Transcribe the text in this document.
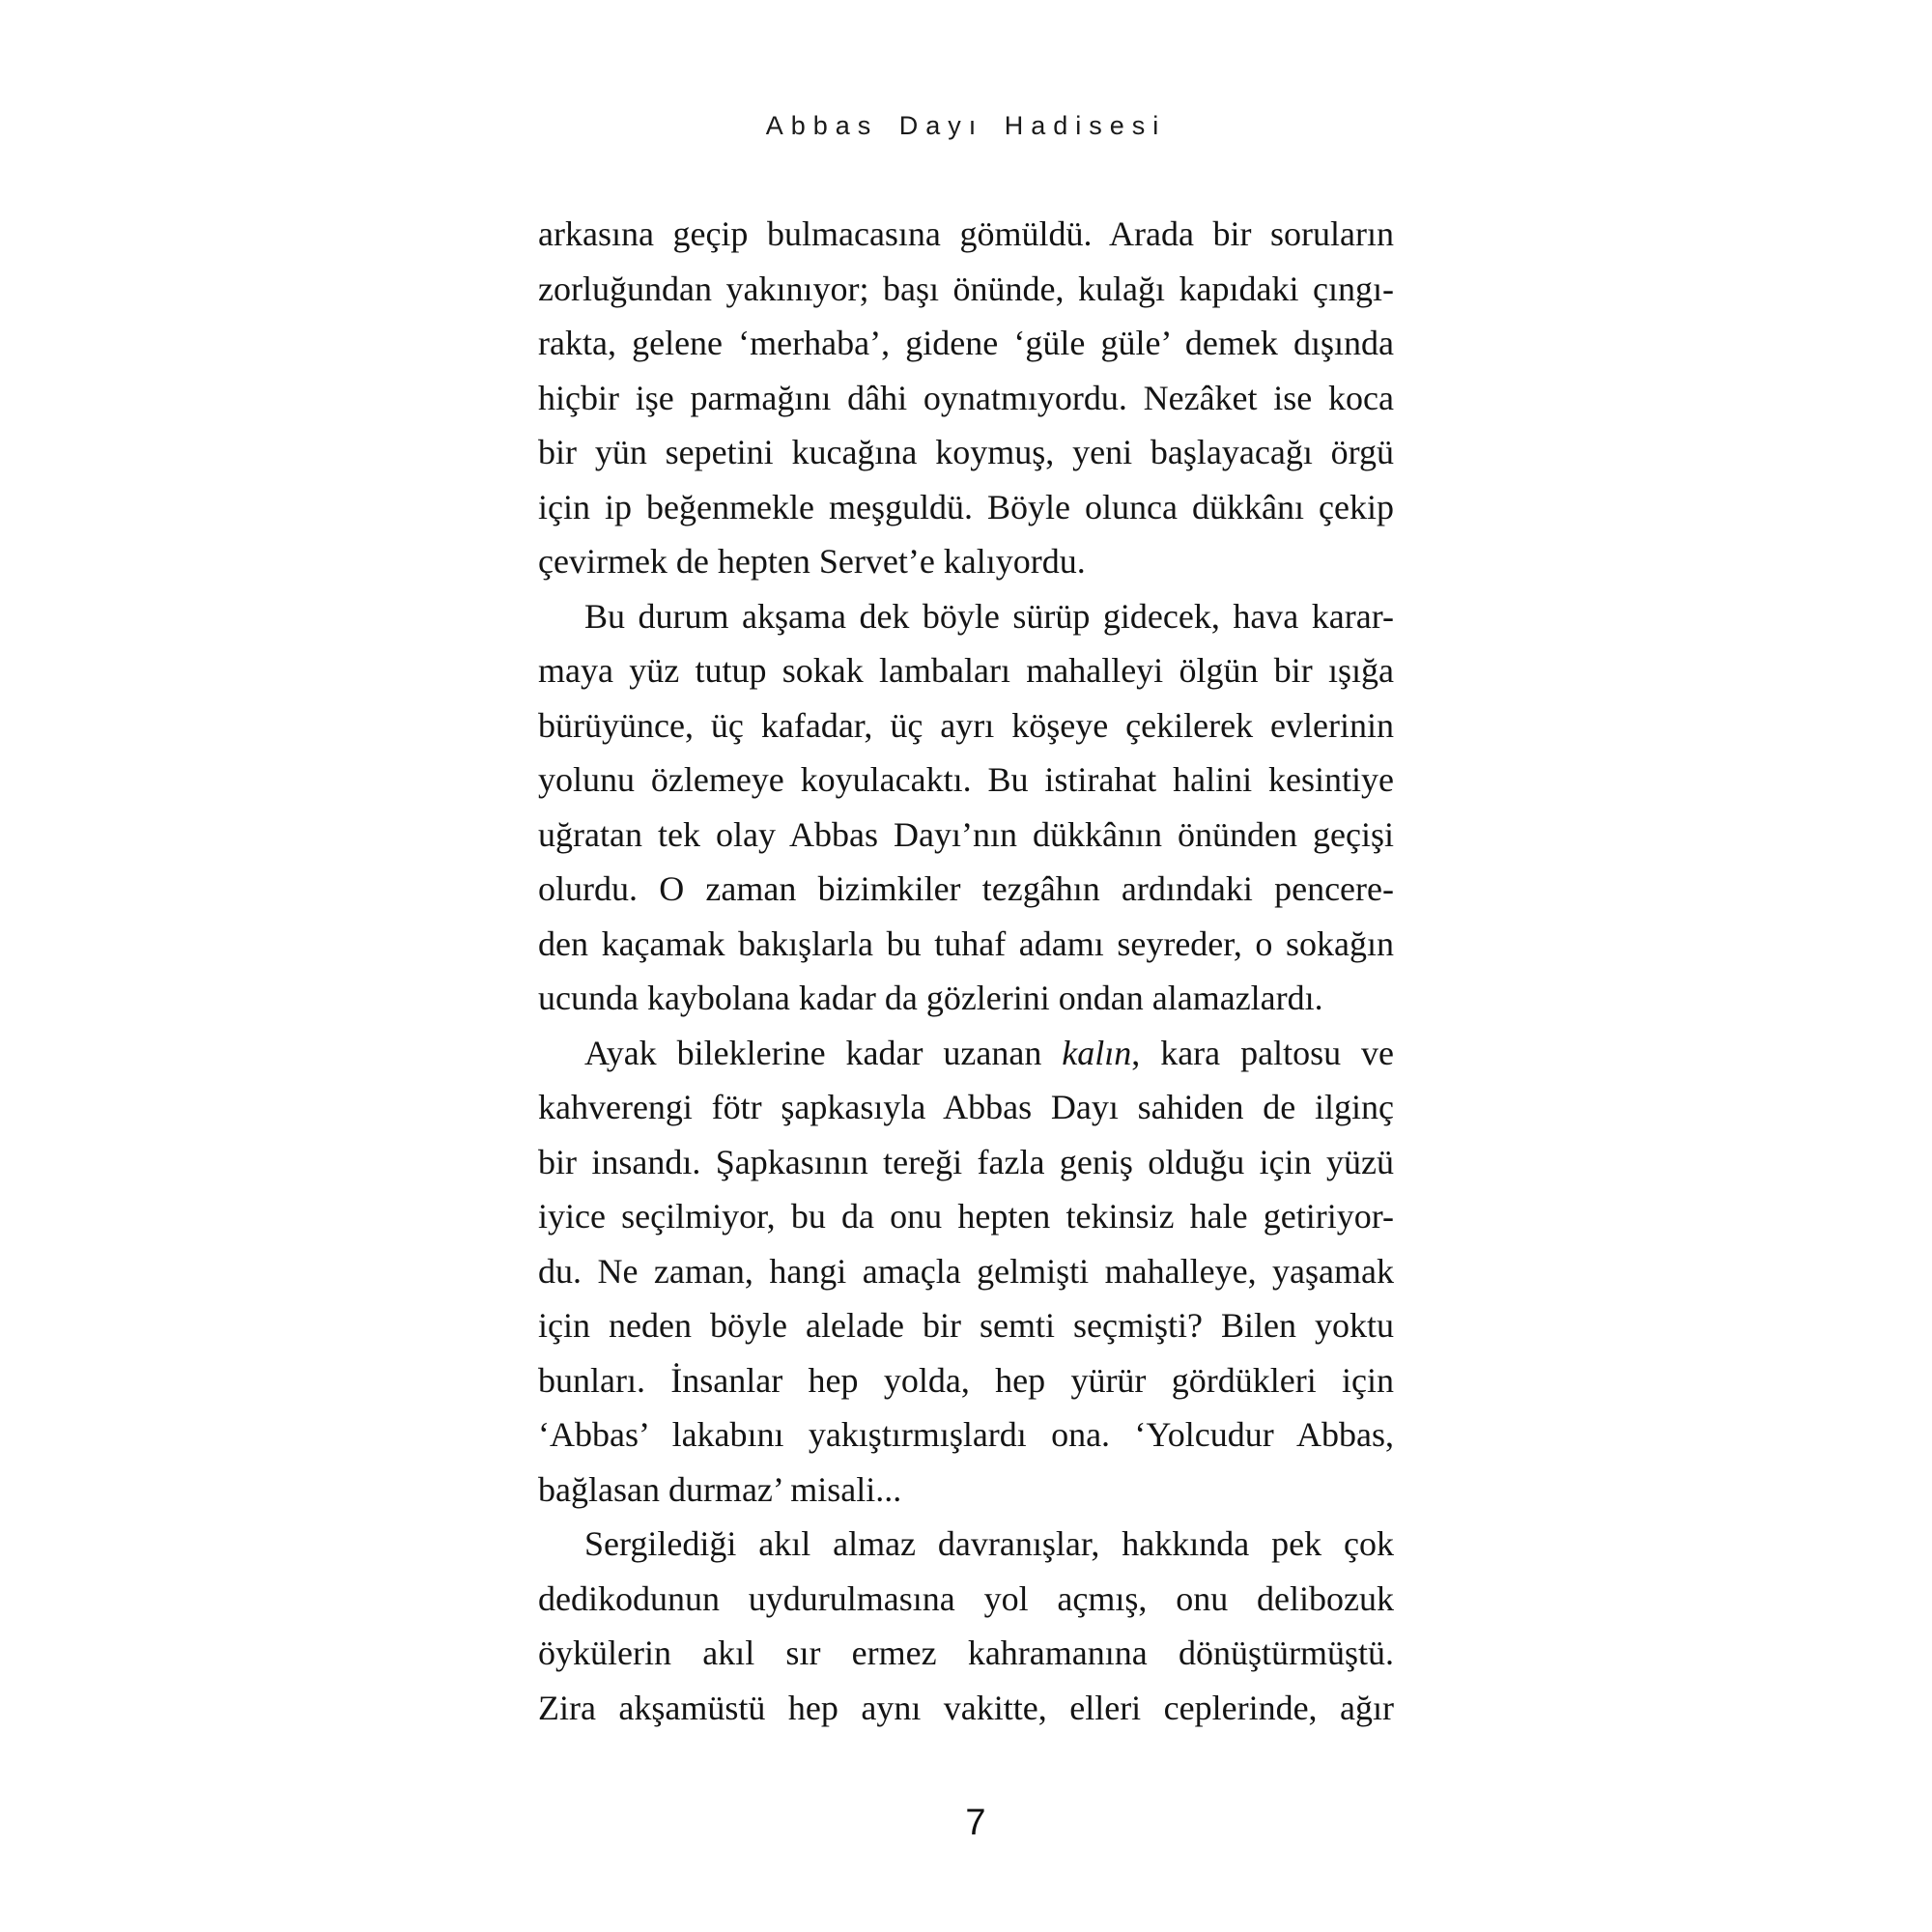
Abbas Dayı Hadisesi
arkasına geçip bulmacasına gömüldü. Arada bir soruların
zorluğundan yakınıyor; başı önünde, kulağı kapıdaki çıngı-
rakta, gelene ‘merhaba’, gidene ‘güle güle’ demek dışında
hiçbir işe parmağını dâhi oynatmıyordu. Nezâket ise koca
bir yün sepetini kucağına koymuş, yeni başlayacağı örgü
için ip beğenmekle meşguldü. Böyle olunca dükkânı çekip
çevirmek de hepten Servet’e kalıyordu.
Bu durum akşama dek böyle sürüp gidecek, hava karar-
maya yüz tutup sokak lambaları mahalleyi ölgün bir ışığa
bürüyünce, üç kafadar, üç ayrı köşeye çekilerek evlerinin
yolunu özlemeye koyulacaktı. Bu istirahat halini kesintiye
uğratan tek olay Abbas Dayı’nın dükkânın önünden geçişi
olurdu. O zaman bizimkiler tezgâhın ardındaki pencere-
den kaçamak bakışlarla bu tuhaf adamı seyreder, o sokağın
ucunda kaybolana kadar da gözlerini ondan alamazlardı.
Ayak bileklerine kadar uzanan kalın, kara paltosu ve
kahverengi fötr şapkasıyla Abbas Dayı sahiden de ilginç
bir insandı. Şapkasının tereği fazla geniş olduğu için yüzü
iyice seçilmiyor, bu da onu hepten tekinsiz hale getiriyor-
du. Ne zaman, hangi amaçla gelmişti mahalleye, yaşamak
için neden böyle alelade bir semti seçmişti? Bilen yoktu
bunları. İnsanlar hep yolda, hep yürür gördükleri için
‘Abbas’ lakabını yakıştırmışlardı ona. ‘Yolcudur Abbas,
bağlasan durmaz’ misali...
Sergilediği akıl almaz davranışlar, hakkında pek çok
dedikodunun uydurulmasına yol açmış, onu delibozuk
öykülerin akıl sır ermez kahramanına dönüştürmüştü.
Zira akşamüstü hep aynı vakitte, elleri ceplerinde, ağır
7
